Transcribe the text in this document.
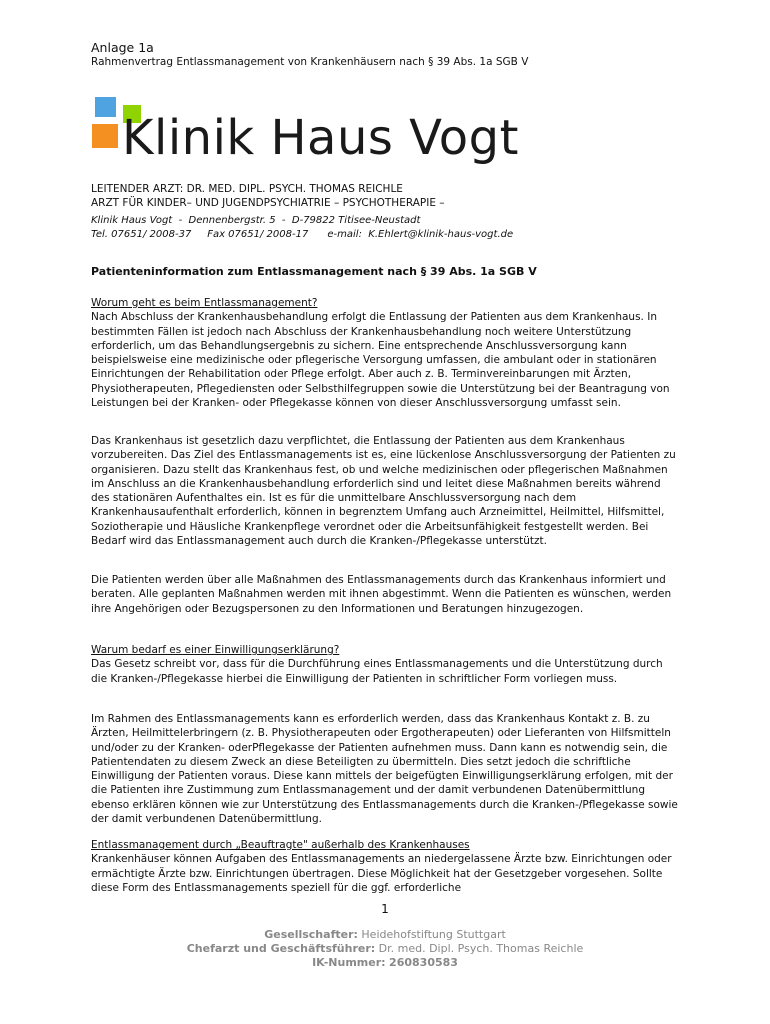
Anlage 1a
Rahmenvertrag Entlassmanagement von Krankenhäusern nach § 39 Abs. 1a SGB V
Klinik Haus Vogt
LEITENDER ARZT: DR. MED. DIPL. PSYCH. THOMAS REICHLE
ARZT FÜR KINDER– UND JUGENDPSYCHIATRIE – PSYCHOTHERAPIE –
Klinik Haus Vogt  -  Dennenbergstr. 5  -  D-79822 Titisee-Neustadt
Tel. 07651/ 2008-37     Fax 07651/ 2008-17      e-mail:  K.Ehlert@klinik-haus-vogt.de
Patienteninformation zum Entlassmanagement nach § 39 Abs. 1a SGB V
Worum geht es beim Entlassmanagement?
Nach Abschluss der Krankenhausbehandlung erfolgt die Entlassung der Patienten aus dem Krankenhaus. In bestimmten Fällen ist jedoch nach Abschluss der Krankenhausbehandlung noch weitere Unterstützung erforderlich, um das Behandlungsergebnis zu sichern. Eine entsprechende Anschlussversorgung kann beispielsweise eine medizinische oder pflegerische Versorgung umfassen, die ambulant oder in stationären Einrichtungen der Rehabilitation oder Pflege erfolgt. Aber auch z. B. Terminvereinbarungen mit Ärzten, Physiotherapeuten, Pflegediensten oder Selbsthilfegruppen sowie die Unterstützung bei der Beantragung von Leistungen bei der Kranken- oder Pflegekasse können von dieser Anschlussversorgung umfasst sein.
Das Krankenhaus ist gesetzlich dazu verpflichtet, die Entlassung der Patienten aus dem Krankenhaus vorzubereiten. Das Ziel des Entlassmanagements ist es, eine lückenlose Anschlussversorgung der Patienten zu organisieren. Dazu stellt das Krankenhaus fest, ob und welche medizinischen oder pflegerischen Maßnahmen im Anschluss an die Krankenhausbehandlung erforderlich sind und leitet diese Maßnahmen bereits während des stationären Aufenthaltes ein. Ist es für die unmittelbare Anschlussversorgung nach dem Krankenhausaufenthalt erforderlich, können in begrenztem Umfang auch Arzneimittel, Heilmittel, Hilfsmittel, Soziotherapie und Häusliche Krankenpflege verordnet oder die Arbeitsunfähigkeit festgestellt werden. Bei Bedarf wird das Entlassmanagement auch durch die Kranken-/Pflegekasse unterstützt.
Die Patienten werden über alle Maßnahmen des Entlassmanagements durch das Krankenhaus informiert und beraten. Alle geplanten Maßnahmen werden mit ihnen abgestimmt. Wenn die Patienten es wünschen, werden ihre Angehörigen oder Bezugspersonen zu den Informationen und Beratungen hinzugezogen.
Warum bedarf es einer Einwilligungserklärung?
Das Gesetz schreibt vor, dass für die Durchführung eines Entlassmanagements und die Unterstützung durch die Kranken-/Pflegekasse hierbei die Einwilligung der Patienten in schriftlicher Form vorliegen muss.
Im Rahmen des Entlassmanagements kann es erforderlich werden, dass das Krankenhaus Kontakt z. B. zu Ärzten, Heilmittelerbringern (z. B. Physiotherapeuten oder Ergotherapeuten) oder Lieferanten von Hilfsmitteln und/oder zu der Kranken- oderPflegekasse der Patienten aufnehmen muss. Dann kann es notwendig sein, die Patientendaten zu diesem Zweck an diese Beteiligten zu übermitteln. Dies setzt jedoch die schriftliche Einwilligung der Patienten voraus. Diese kann mittels der beigefügten Einwilligungserklärung erfolgen, mit der die Patienten ihre Zustimmung zum Entlassmanagement und der damit verbundenen Datenübermittlung ebenso erklären können wie zur Unterstützung des Entlassmanagements durch die Kranken-/Pflegekasse sowie der damit verbundenen Datenübermittlung.
Entlassmanagement durch „Beauftragte" außerhalb des Krankenhauses
Krankenhäuser können Aufgaben des Entlassmanagements an niedergelassene Ärzte bzw. Einrichtungen oder ermächtigte Ärzte bzw. Einrichtungen übertragen. Diese Möglichkeit hat der Gesetzgeber vorgesehen. Sollte diese Form des Entlassmanagements speziell für die ggf. erforderliche
1
Gesellschafter: Heidehofstiftung Stuttgart
Chefarzt und Geschäftsführer: Dr. med. Dipl. Psych. Thomas Reichle
IK-Nummer: 260830583
